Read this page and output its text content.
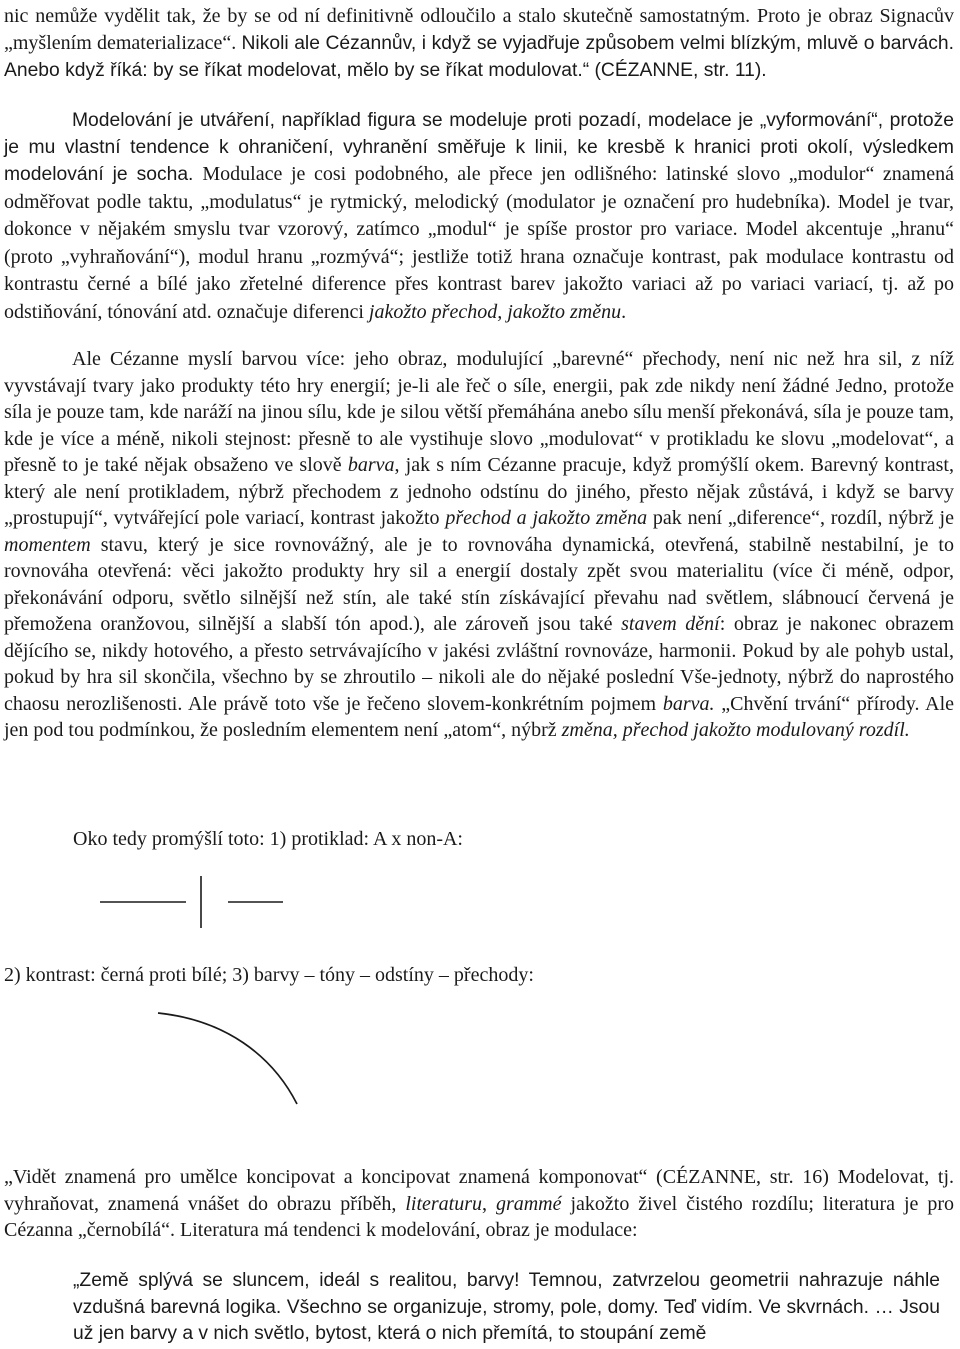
nic nemůže vydělit tak, že by se od ní definitivně odloučilo a stalo skutečně samostatným. Proto je obraz Signacův „myšlením dematerializace“. Nikoli ale Cézannův, i když se vyjadřuje způsobem velmi blízkým, mluvě o barvách. Anebo když říká: by se říkat modelovat, mělo by se říkat modulovat.“ (CÉZANNE, str. 11).

Modelování je utváření, například figura se modeluje proti pozadí, modelace je „vyformování“, protože je mu vlastní tendence k ohraničení, vyhranění směřuje k linii, ke kresbě k hranici proti okolí, výsledkem modelování je socha. Modulace je cosi podobného, ale přece jen odlišného: latinské slovo „modulor“ znamená odměřovat podle taktu, „modulatus“ je rytmický, melodický (modulator je označení pro hudebníka). Model je tvar, dokonce v nějakém smyslu tvar vzorový, zatímco „modul“ je spíše prostor pro variace. Model akcentuje „hranu“ (proto „vyhraňování“), modul hranu „rozmývá“; jestliže totiž hrana označuje kontrast, pak modulace kontrastu od kontrastu černé a bílé jako zřetelné diference přes kontrast barev jakožto variaci až po variaci variací, tj. až po odstiňování, tónování atd. označuje diferenci jakožto přechod, jakožto změnu.

Ale Cézanne myslí barvou více: jeho obraz, modulující „barevné“ přechody, není nic než hra sil, z níž vyvstávají tvary jako produkty této hry energií; je-li ale řeč o síle, energii, pak zde nikdy není žádné Jedno, protože síla je pouze tam, kde naráží na jinou sílu, kde je silou větší přemáhána anebo sílu menší překonává, síla je pouze tam, kde je více a méně, nikoli stejnost: přesně to ale vystihuje slovo „modulovat“ v protikladu ke slovu „modelovat“, a přesně to je také nějak obsaženo ve slově barva, jak s ním Cézanne pracuje, když promýšlí okem. Barevný kontrast, který ale není protikladem, nýbrž přechodem z jednoho odstínu do jiného, přesto nějak zůstává, i když se barvy „prostupují“, vytvářející pole variací, kontrast jakožto přechod a jakožto změna pak není „diference“, rozdíl, nýbrž je momentem stavu, který je sice rovnovážný, ale je to rovnováha dynamická, otevřená, stabilně nestabilní, je to rovnováha otevřená: věci jakožto produkty hry sil a energií dostaly zpět svou materialitu (více či méně, odpor, překonávání odporu, světlo silnější než stín, ale také stín získávající převahu nad světlem, slábnoucí červená je přemožena oranžovou, silnější a slabší tón apod.), ale zároveň jsou také stavem dění: obraz je nakonec obrazem dějícího se, nikdy hotového, a přesto setrvávajícího v jakési zvláštní rovnováze, harmonii. Pokud by ale pohyb ustal, pokud by hra sil skončila, všechno by se zhroutilo – nikoli ale do nějaké poslední Vše-jednoty, nýbrž do naprostého chaosu nerozlišenosti. Ale právě toto vše je řečeno slovem-konkrétním pojmem barva. „Chvění trvání“ přírody. Ale jen pod tou podmínkou, že posledním elementem není „atom“, nýbrž změna, přechod jakožto modulovaný rozdíl.

Oko tedy promýšlí toto: 1) protiklad: A x non-A:

2) kontrast: černá proti bílé; 3) barvy – tóny – odstíny – přechody:

„Vidět znamená pro umělce koncipovat a koncipovat znamená komponovat“ (CÉZANNE, str. 16) Modelovat, tj. vyhraňovat, znamená vnášet do obrazu příběh, literaturu, grammé jakožto živel čistého rozdílu; literatura je pro Cézanna „černobílá“. Literatura má tendenci k modelování, obraz je modulace:

„Země splývá se sluncem, ideál s realitou, barvy! Temnou, zatvrzelou geometrii nahrazuje náhle vzdušná barevná logika. Všechno se organizuje, stromy, pole, domy. Teď vidím. Ve skvrnách. … Jsou už jen barvy a v nich světlo, bytost, která o nich přemítá, to stoupání země
